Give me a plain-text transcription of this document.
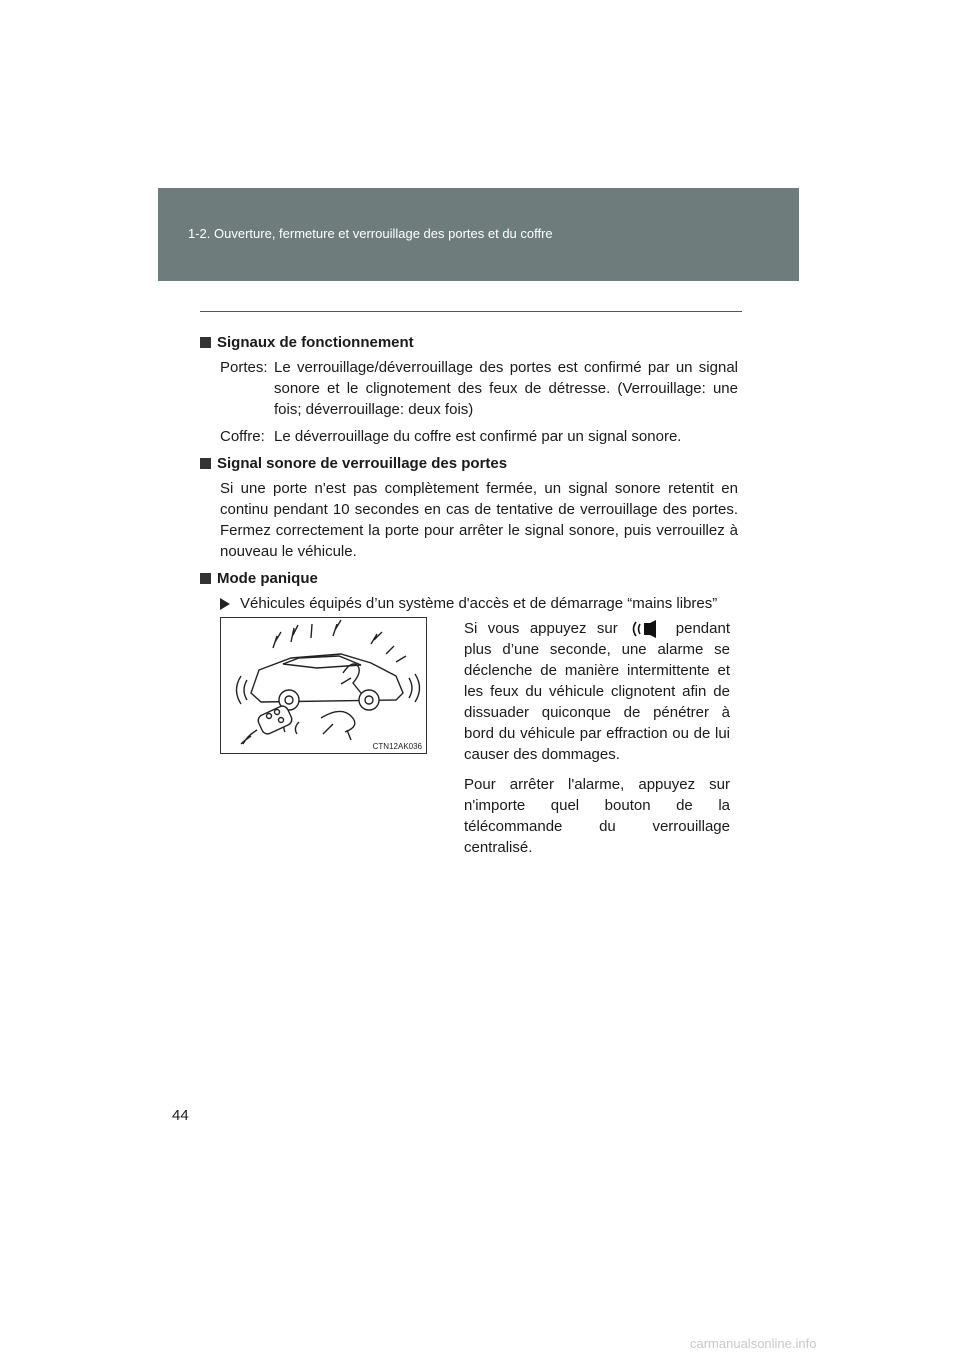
1-2. Ouverture, fermeture et verrouillage des portes et du coffre
Signaux de fonctionnement
Portes: Le verrouillage/déverrouillage des portes est confirmé par un signal sonore et le clignotement des feux de détresse. (Verrouillage: une fois; déverrouillage: deux fois)
Coffre: Le déverrouillage du coffre est confirmé par un signal sonore.
Signal sonore de verrouillage des portes
Si une porte n'est pas complètement fermée, un signal sonore retentit en continu pendant 10 secondes en cas de tentative de verrouillage des portes. Fermez correctement la porte pour arrêter le signal sonore, puis verrouillez à nouveau le véhicule.
Mode panique
Véhicules équipés d’un système d'accès et de démarrage “mains libres”
CTN12AK036

Si vous appuyez sur	pendant plus d’une seconde, une alarme se déclenche de manière intermittente et les feux du véhicule clignotent afin de dissuader quiconque de pénétrer à bord du véhicule par effraction ou de lui causer des dommages.

Pour arrêter l'alarme, appuyez sur n'importe quel bouton de la télécommande du verrouillage centralisé.

44
carmanualsonline.info
